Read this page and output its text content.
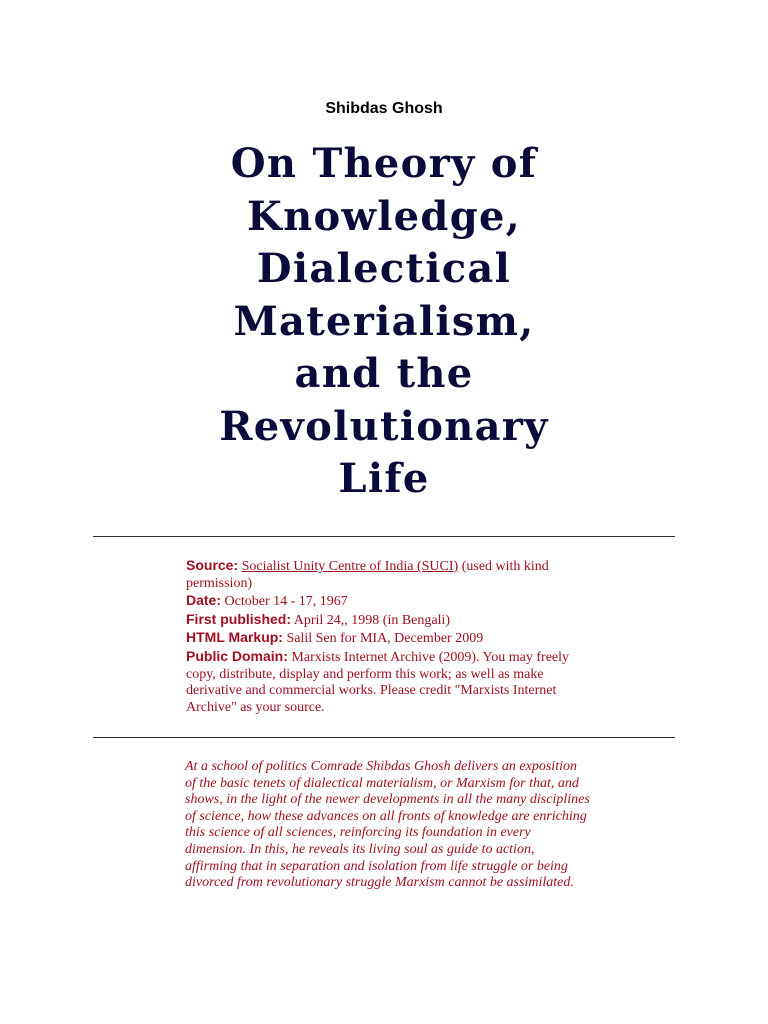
Shibdas Ghosh
On Theory of
Knowledge,
Dialectical
Materialism,
and the
Revolutionary
Life
Source: Socialist Unity Centre of India (SUCI) (used with kind permission)
Date: October 14 - 17, 1967
First published: April 24,, 1998 (in Bengali)
HTML Markup: Salil Sen for MIA, December 2009
Public Domain: Marxists Internet Archive (2009). You may freely copy, distribute, display and perform this work; as well as make derivative and commercial works. Please credit "Marxists Internet Archive" as your source.
At a school of politics Comrade Shibdas Ghosh delivers an exposition of the basic tenets of dialectical materialism, or Marxism for that, and shows, in the light of the newer developments in all the many disciplines of science, how these advances on all fronts of knowledge are enriching this science of all sciences, reinforcing its foundation in every dimension. In this, he reveals its living soul as guide to action, affirming that in separation and isolation from life struggle or being divorced from revolutionary struggle Marxism cannot be assimilated.
